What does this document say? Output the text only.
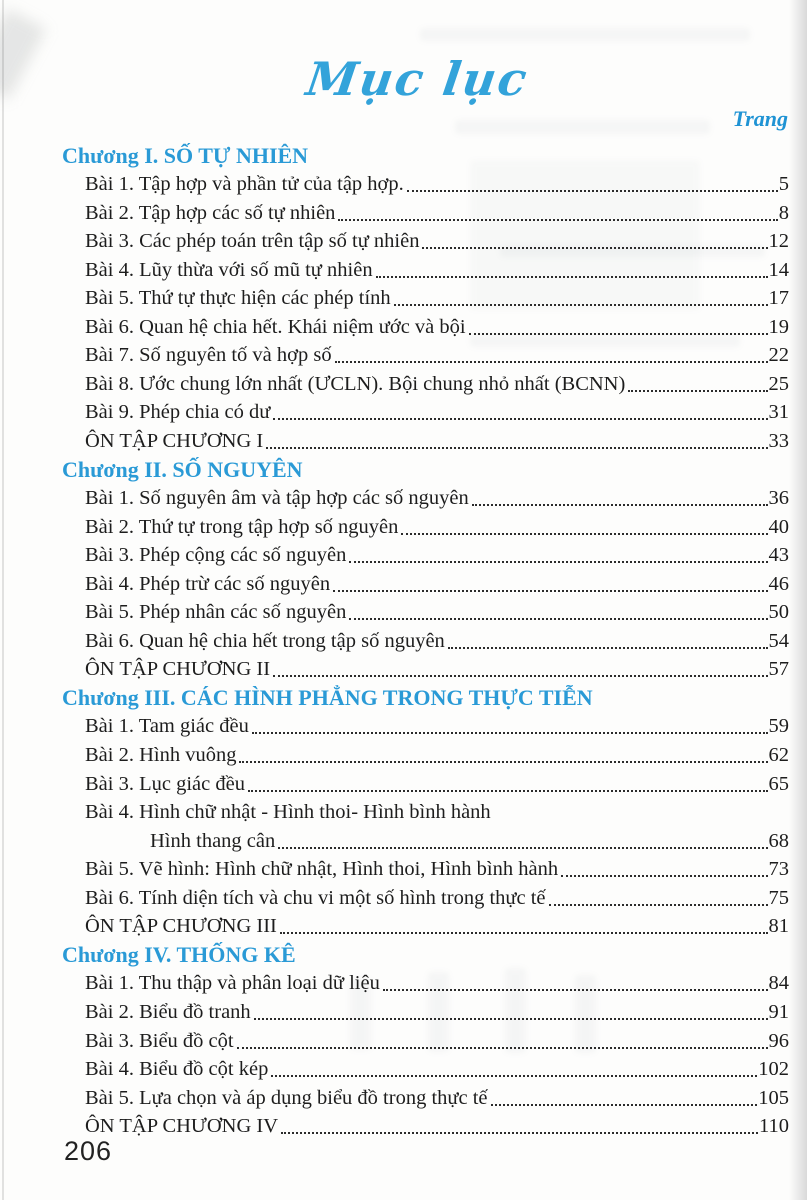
Mục lục
Trang
Chương I. SỐ TỰ NHIÊN
Bài 1. Tập hợp và phần tử của tập hợp.	5
Bài 2. Tập hợp các số tự nhiên	8
Bài 3. Các phép toán trên tập số tự nhiên	12
Bài 4. Lũy thừa với số mũ tự nhiên	14
Bài 5. Thứ tự thực hiện các phép tính	17
Bài 6. Quan hệ chia hết. Khái niệm ước và bội	19
Bài 7. Số nguyên tố và hợp số	22
Bài 8. Ước chung lớn nhất (ƯCLN). Bội chung nhỏ nhất (BCNN)	25
Bài 9. Phép chia có dư	31
ÔN TẬP CHƯƠNG I	33
Chương II. SỐ NGUYÊN
Bài 1. Số nguyên âm và tập hợp các số nguyên	36
Bài 2. Thứ tự trong tập hợp số nguyên	40
Bài 3. Phép cộng các số nguyên	43
Bài 4. Phép trừ các số nguyên	46
Bài 5. Phép nhân các số nguyên	50
Bài 6. Quan hệ chia hết trong tập số nguyên	54
ÔN TẬP CHƯƠNG II	57
Chương III. CÁC HÌNH PHẲNG TRONG THỰC TIỄN
Bài 1. Tam giác đều	59
Bài 2. Hình vuông	62
Bài 3. Lục giác đều	65
Bài 4. Hình chữ nhật - Hình thoi- Hình bình hành
Hình thang cân	68
Bài 5. Vẽ hình: Hình chữ nhật, Hình thoi, Hình bình hành	73
Bài 6. Tính diện tích và chu vi một số hình trong thực tế	75
ÔN TẬP CHƯƠNG III	81
Chương IV. THỐNG KÊ
Bài 1. Thu thập và phân loại dữ liệu	84
Bài 2. Biểu đồ tranh	91
Bài 3. Biểu đồ cột	96
Bài 4. Biểu đồ cột kép	102
Bài 5. Lựa chọn và áp dụng biểu đồ trong thực tế	105
ÔN TẬP CHƯƠNG IV	110
206
